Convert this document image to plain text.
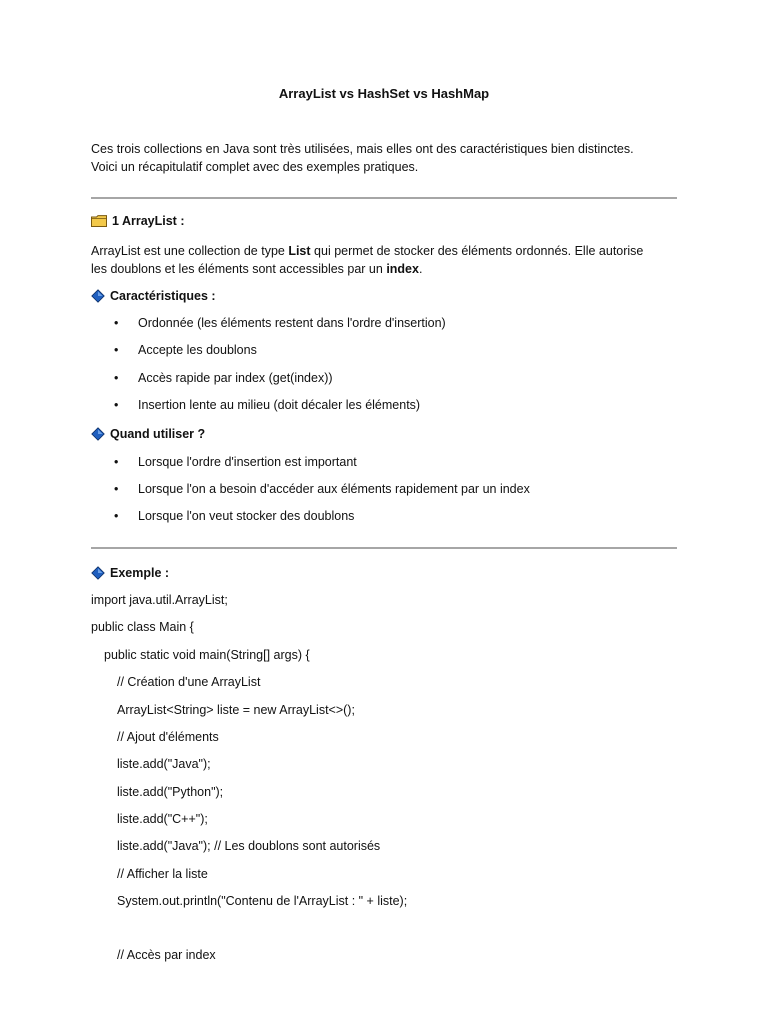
ArrayList vs HashSet vs HashMap
Ces trois collections en Java sont très utilisées, mais elles ont des caractéristiques bien distinctes.
Voici un récapitulatif complet avec des exemples pratiques.
1 ArrayList :
ArrayList est une collection de type List qui permet de stocker des éléments ordonnés. Elle autorise
les doublons et les éléments sont accessibles par un index.
Caractéristiques :
•	Ordonnée (les éléments restent dans l'ordre d'insertion)
•	Accepte les doublons
•	Accès rapide par index (get(index))
•	Insertion lente au milieu (doit décaler les éléments)
Quand utiliser ?
•	Lorsque l'ordre d'insertion est important
•	Lorsque l'on a besoin d'accéder aux éléments rapidement par un index
•	Lorsque l'on veut stocker des doublons
Exemple :
import java.util.ArrayList;
public class Main {
public static void main(String[] args) {
// Création d'une ArrayList
ArrayList<String> liste = new ArrayList<>();
// Ajout d'éléments
liste.add("Java");
liste.add("Python");
liste.add("C++");
liste.add("Java"); // Les doublons sont autorisés
// Afficher la liste
System.out.println("Contenu de l'ArrayList : " + liste);
// Accès par index
